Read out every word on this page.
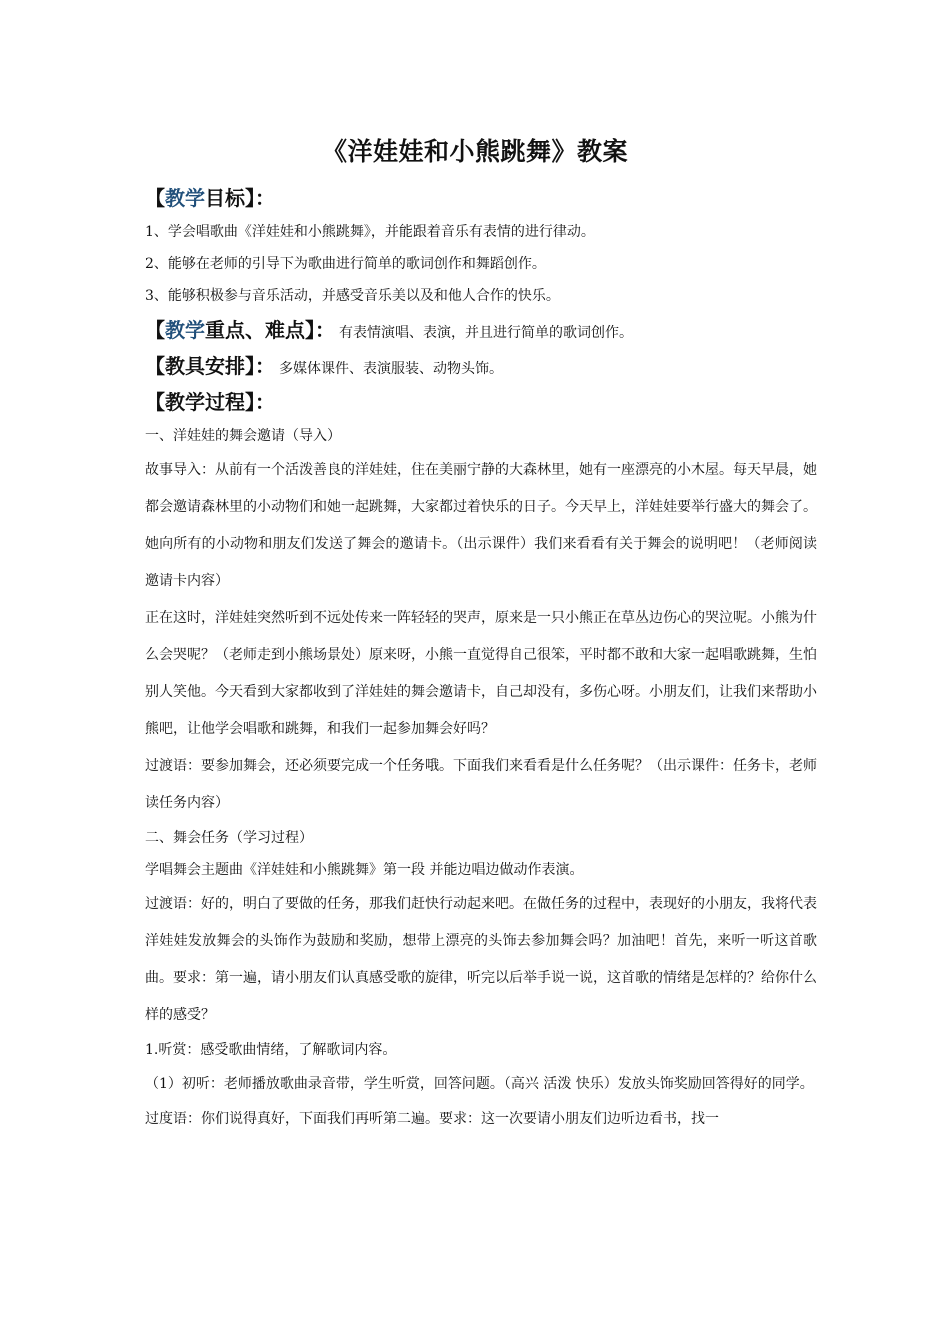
《洋娃娃和小熊跳舞》教案
【教学目标】：
1、学会唱歌曲《洋娃娃和小熊跳舞》，并能跟着音乐有表情的进行律动。
2、能够在老师的引导下为歌曲进行简单的歌词创作和舞蹈创作。
3、能够积极参与音乐活动，并感受音乐美以及和他人合作的快乐。
【教学重点、难点】： 有表情演唱、表演，并且进行简单的歌词创作。
【教具安排】： 多媒体课件、表演服装、动物头饰。
【教学过程】：
一、洋娃娃的舞会邀请（导入）
故事导入：从前有一个活泼善良的洋娃娃，住在美丽宁静的大森林里，她有一座漂亮的小木屋。每天早晨，她都会邀请森林里的小动物们和她一起跳舞，大家都过着快乐的日子。今天早上，洋娃娃要举行盛大的舞会了。她向所有的小动物和朋友们发送了舞会的邀请卡。（出示课件）我们来看看有关于舞会的说明吧！（老师阅读邀请卡内容）
正在这时，洋娃娃突然听到不远处传来一阵轻轻的哭声，原来是一只小熊正在草丛边伤心的哭泣呢。小熊为什么会哭呢？（老师走到小熊场景处）原来呀，小熊一直觉得自己很笨，平时都不敢和大家一起唱歌跳舞，生怕别人笑他。今天看到大家都收到了洋娃娃的舞会邀请卡，自己却没有，多伤心呀。小朋友们，让我们来帮助小熊吧，让他学会唱歌和跳舞，和我们一起参加舞会好吗？
过渡语：要参加舞会，还必须要完成一个任务哦。下面我们来看看是什么任务呢？（出示课件：任务卡，老师读任务内容）
二、舞会任务（学习过程）
学唱舞会主题曲《洋娃娃和小熊跳舞》第一段 并能边唱边做动作表演。
过渡语：好的，明白了要做的任务，那我们赶快行动起来吧。在做任务的过程中，表现好的小朋友，我将代表洋娃娃发放舞会的头饰作为鼓励和奖励，想带上漂亮的头饰去参加舞会吗？加油吧！首先，来听一听这首歌曲。要求：第一遍，请小朋友们认真感受歌的旋律，听完以后举手说一说，这首歌的情绪是怎样的？给你什么样的感受？
1.听赏：感受歌曲情绪，了解歌词内容。
（1）初听：老师播放歌曲录音带，学生听赏，回答问题。（高兴 活泼 快乐）发放头饰奖励回答得好的同学。
过度语：你们说得真好，下面我们再听第二遍。要求：这一次要请小朋友们边听边看书，找一
